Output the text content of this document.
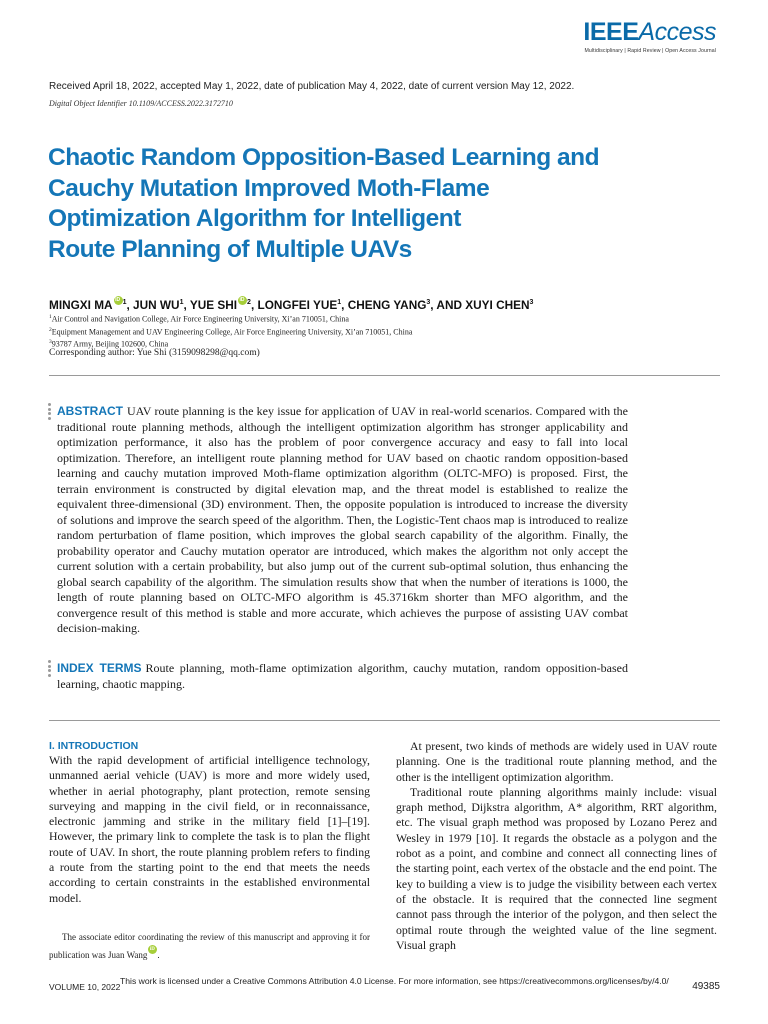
IEEEAccess
Multidisciplinary | Rapid Review | Open Access Journal
Received April 18, 2022, accepted May 1, 2022, date of publication May 4, 2022, date of current version May 12, 2022.
Digital Object Identifier 10.1109/ACCESS.2022.3172710
Chaotic Random Opposition-Based Learning and
Cauchy Mutation Improved Moth-Flame
Optimization Algorithm for Intelligent
Route Planning of Multiple UAVs
MINGXI MA iD $^1$, JUN $WU^1$, YUE SHI iD $^2$, LONGFEI YUE$^1$, CHENG YANG$^3$, AND XUYI CHEN$^3$
$^1$Air Control and Navigation College, Air Force Engineering University, Xi’an 710051, China
$^2$Equipment Management and UAV Engineering College, Air Force Engineering University, Xi’an 710051, China
$^3$93787 Army, Beijing 102600, China
Corresponding author: Yue Shi (3159098298@qq.com)
ABSTRACT UAV route planning is the key issue for application of UAV in real-world scenarios. Compared with the traditional route planning methods, although the intelligent optimization algorithm has stronger applicability and optimization performance, it also has the problem of poor convergence accuracy and easy to fall into local optimization. Therefore, an intelligent route planning method for UAV based on chaotic random opposition-based learning and cauchy mutation improved Moth-flame optimization algorithm (OLTC-MFO) is proposed. First, the terrain environment is constructed by digital elevation map, and the threat model is established to realize the equivalent three-dimensional (3D) environment. Then, the opposite population is introduced to increase the diversity of solutions and improve the search speed of the algorithm. Then, the Logistic-Tent chaos map is introduced to realize random perturbation of flame position, which improves the global search capability of the algorithm. Finally, the probability operator and Cauchy mutation operator are introduced, which makes the algorithm not only accept the current solution with a certain probability, but also jump out of the current sub-optimal solution, thus enhancing the global search capability of the algorithm. The simulation results show that when the number of iterations is 1000, the length of route planning based on OLTC-MFO algorithm is 45.3716km shorter than MFO algorithm, and the convergence result of this method is stable and more accurate, which achieves the purpose of assisting UAV combat decision-making.
INDEX TERMS Route planning, moth-flame optimization algorithm, cauchy mutation, random opposition-based learning, chaotic mapping.
I. INTRODUCTION

With the rapid development of artificial intelligence technology, unmanned aerial vehicle (UAV) is more and more widely used, whether in aerial photography, plant protection, remote sensing surveying and mapping in the civil field, or in reconnaissance, electronic jamming and strike in the military field [1]–[19]. However, the primary link to complete the task is to plan the flight route of UAV. In short, the route planning problem refers to finding a route from the starting point to the end that meets the needs according to certain constraints in the established environmental model.

At present, two kinds of methods are widely used in UAV route planning. One is the traditional route planning method, and the other is the intelligent optimization algorithm.

Traditional route planning algorithms mainly include: visual graph method, Dijkstra algorithm, A* algorithm, RRT algorithm, etc. The visual graph method was proposed by Lozano Perez and Wesley in 1979 [10]. It regards the obstacle as a polygon and the robot as a point, and combine and connect all connecting lines of the starting point, each vertex of the obstacle and the end point. The key to building a view is to judge the visibility between each vertex of the obstacle. It is required that the connected line segment cannot pass through the interior of the polygon, and then select the optimal route through the weighted value of the line segment. Visual graph

The associate editor coordinating the review of this manuscript and approving it for publication was Juan WangiD .
VOLUME 10, 2022
This work is licensed under a Creative Commons Attribution 4.0 License. For more information, see https://creativecommons.org/licenses/by/4.0/ 49385
